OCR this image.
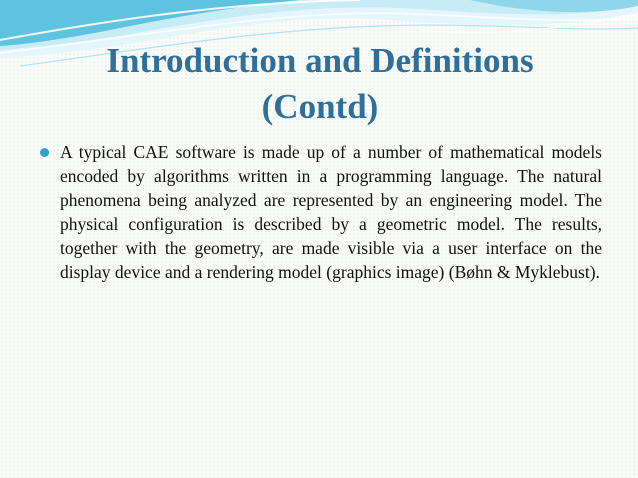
Introduction and Definitions
(Contd)
A typical CAE software is made up of a number of mathematical models encoded by algorithms written in a programming language. The natural phenomena being analyzed are represented by an engineering model. The physical configuration is described by a geometric model. The results, together with the geometry, are made visible via a user interface on the display device and a rendering model (graphics image) (Bøhn & Myklebust).
